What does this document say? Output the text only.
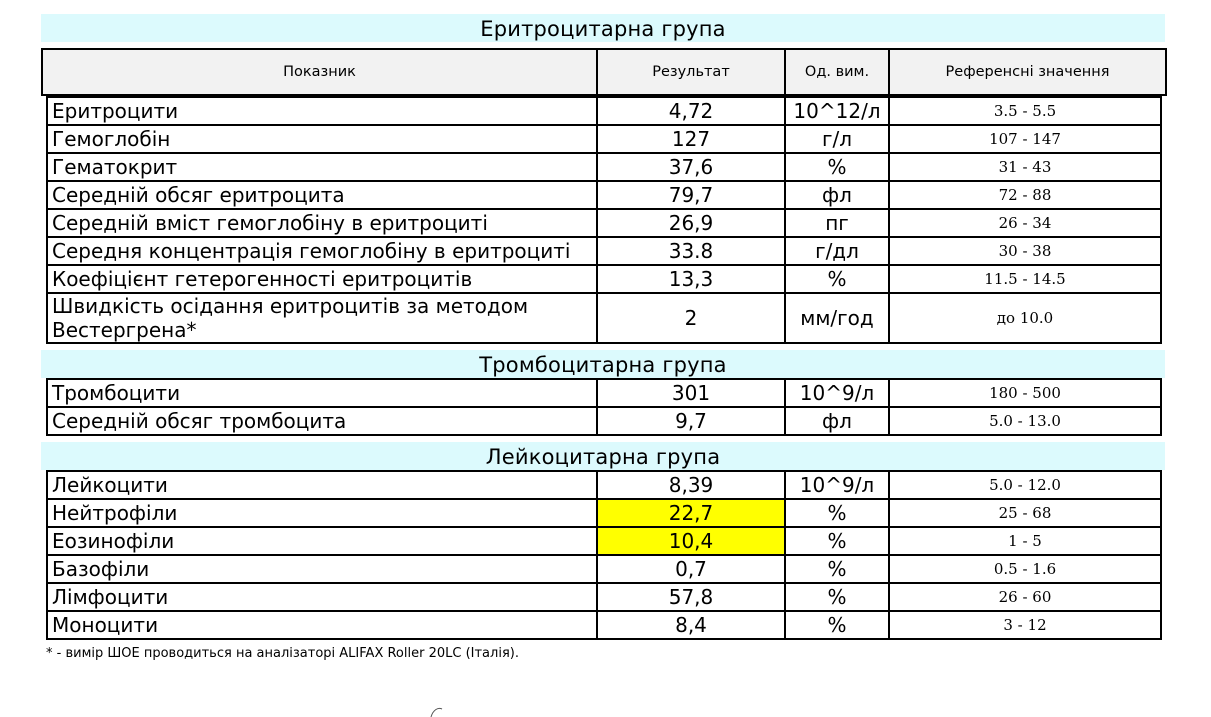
Еритроцитарна група
Показник	Результат	Од. вим.	Референсні значення
Еритроцити	4,72	10^12/л	3.5 - 5.5
Гемоглобін	127	г/л	107 - 147
Гематокрит	37,6	%	31 - 43
Середній обсяг еритроцита	79,7	фл	72 - 88
Середній вміст гемоглобіну в еритроциті	26,9	пг	26 - 34
Середня концентрація гемоглобіну в еритроциті	33.8	г/дл	30 - 38
Коефіцієнт гетерогенності еритроцитів	13,3	%	11.5 - 14.5
Швидкість осідання еритроцитів за методом Вестергрена*	2	мм/год	до 10.0
Тромбоцитарна група
Тромбоцити	301	10^9/л	180 - 500
Середній обсяг тромбоцита	9,7	фл	5.0 - 13.0
Лейкоцитарна група
Лейкоцити	8,39	10^9/л	5.0 - 12.0
Нейтрофіли	22,7	%	25 - 68
Еозинофіли	10,4	%	1 - 5
Базофіли	0,7	%	0.5 - 1.6
Лімфоцити	57,8	%	26 - 60
Моноцити	8,4	%	3 - 12
* - вимір ШОЕ проводиться на аналізаторі ALIFAX Roller 20LC (Італія).
